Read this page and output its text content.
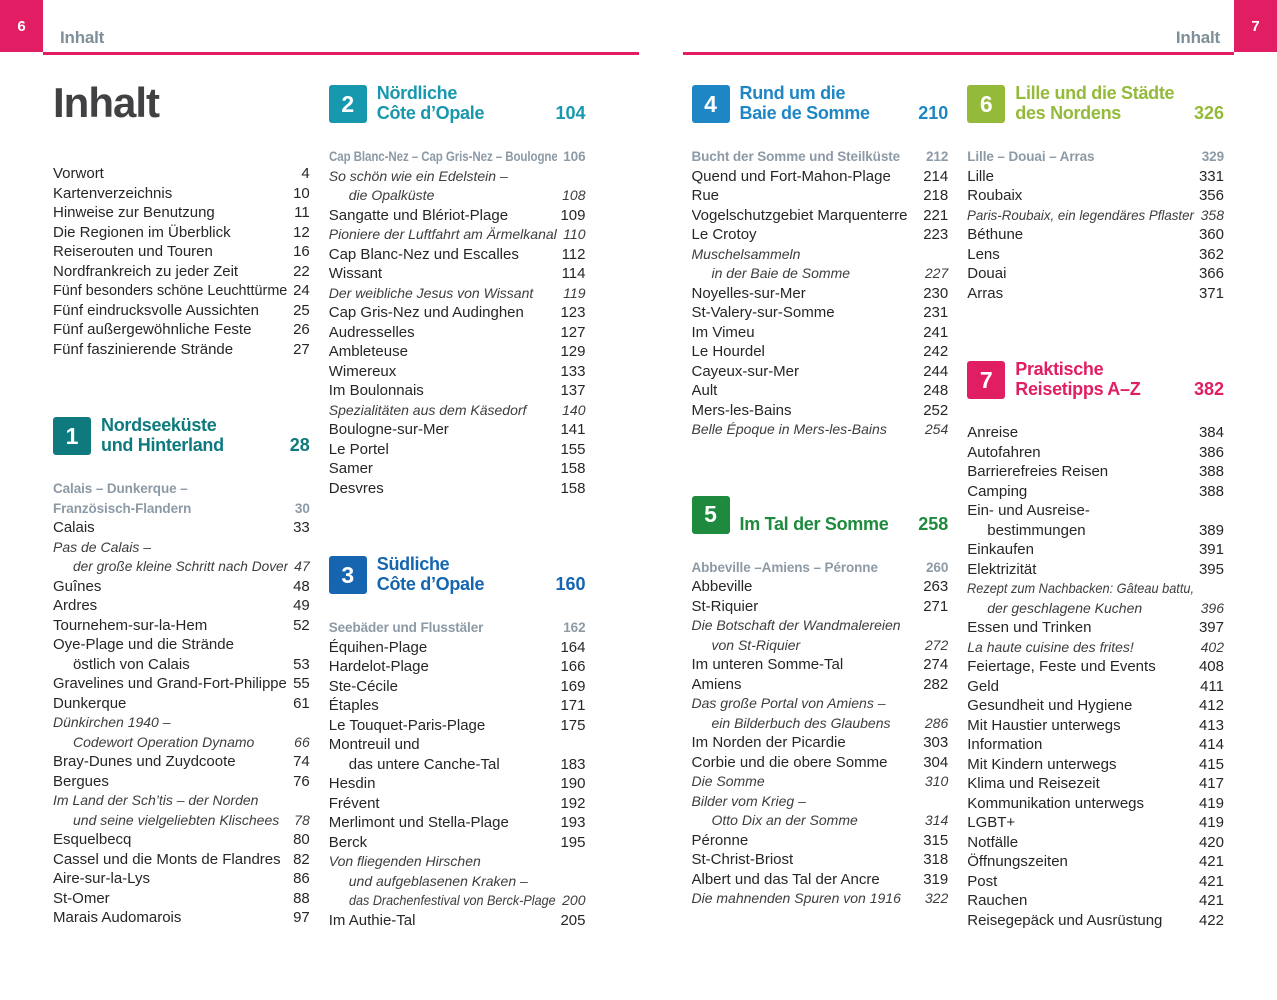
6
Inhalt
Inhalt
Vorwort	4
Kartenverzeichnis	10
Hinweise zur Benutzung	11
Die Regionen im Überblick	12
Reiserouten und Touren	16
Nordfrankreich zu jeder Zeit	22
Fünf besonders schöne Leuchttürme 24
Fünf eindrucksvolle Aussichten	25
Fünf außergewöhnliche Feste	26
Fünf faszinierende Strände	27
1	Nordseeküste
und Hinterland	28
Calais – Dunkerque –
Französisch-Flandern	30
Calais	33
Pas de Calais –
der große kleine Schritt nach Dover 47
Guînes	48
Ardres	49
Tournehem-sur-la-Hem	52
Oye-Plage und die Strände
östlich von Calais	53
Gravelines und Grand-Fort-Philippe 55
Dunkerque	61
Dünkirchen 1940 –
Codewort Operation Dynamo	66
Bray-Dunes und Zuydcoote	74
Bergues	76
Im Land der Sch’tis – der Norden
und seine vielgeliebten Klischees	78
Esquelbecq	80
Cassel und die Monts de Flandres 82
Aire-sur-la-Lys	86
St-Omer	88
Marais Audomarois	97
2	Nördliche
Côte d’Opale	104
Cap Blanc-Nez – Cap Gris-Nez – Boulogne 106
So schön wie ein Edelstein –
die Opalküste	108
Sangatte und Blériot-Plage	109
Pioniere der Luftfahrt am Ärmelkanal 110
Cap Blanc-Nez und Escalles	112
Wissant	114
Der weibliche Jesus von Wissant	119
Cap Gris-Nez und Audinghen	123
Audresselles	127
Ambleteuse	129
Wimereux	133
Im Boulonnais	137
Spezialitäten aus dem Käsedorf	140
Boulogne-sur-Mer	141
Le Portel	155
Samer	158
Desvres	158
3	Südliche
Côte d’Opale	160
Seebäder und Flusstäler	162
Équihen-Plage	164
Hardelot-Plage	166
Ste-Cécile	169
Étaples	171
Le Touquet-Paris-Plage	175
Montreuil und
das untere Canche-Tal	183
Hesdin	190
Frévent	192
Merlimont und Stella-Plage	193
Berck	195
Von fliegenden Hirschen
und aufgeblasenen Kraken –
das Drachenfestival von Berck-Plage 200
Im Authie-Tal	205
7
Inhalt
4	Rund um die
Baie de Somme	210
Bucht der Somme und Steilküste	212
Quend und Fort-Mahon-Plage	214
Rue	218
Vogelschutzgebiet Marquenterre	221
Le Crotoy	223
Muschelsammeln
in der Baie de Somme	227
Noyelles-sur-Mer	230
St-Valery-sur-Somme	231
Im Vimeu	241
Le Hourdel	242
Cayeux-sur-Mer	244
Ault	248
Mers-les-Bains	252
Belle Époque in Mers-les-Bains	254
5	Im Tal der Somme	258
Abbeville –Amiens – Péronne	260
Abbeville	263
St-Riquier	271
Die Botschaft der Wandmalereien
von St-Riquier	272
Im unteren Somme-Tal	274
Amiens	282
Das große Portal von Amiens –
ein Bilderbuch des Glaubens	286
Im Norden der Picardie	303
Corbie und die obere Somme	304
Die Somme	310
Bilder vom Krieg –
Otto Dix an der Somme	314
Péronne	315
St-Christ-Briost	318
Albert und das Tal der Ancre	319
Die mahnenden Spuren von 1916	322
6	Lille und die Städte
des Nordens	326
Lille – Douai – Arras	329
Lille	331
Roubaix	356
Paris-Roubaix, ein legendäres Pflaster 358
Béthune	360
Lens	362
Douai	366
Arras	371
7	Praktische
Reisetipps A–Z	382
Anreise	384
Autofahren	386
Barrierefreies Reisen	388
Camping	388
Ein- und Ausreise-
bestimmungen	389
Einkaufen	391
Elektrizität	395
Rezept zum Nachbacken: Gâteau battu,
der geschlagene Kuchen	396
Essen und Trinken	397
La haute cuisine des frites!	402
Feiertage, Feste und Events	408
Geld	411
Gesundheit und Hygiene	412
Mit Haustier unterwegs	413
Information	414
Mit Kindern unterwegs	415
Klima und Reisezeit	417
Kommunikation unterwegs	419
LGBT+	419
Notfälle	420
Öffnungszeiten	421
Post	421
Rauchen	421
Reisegepäck und Ausrüstung	422
